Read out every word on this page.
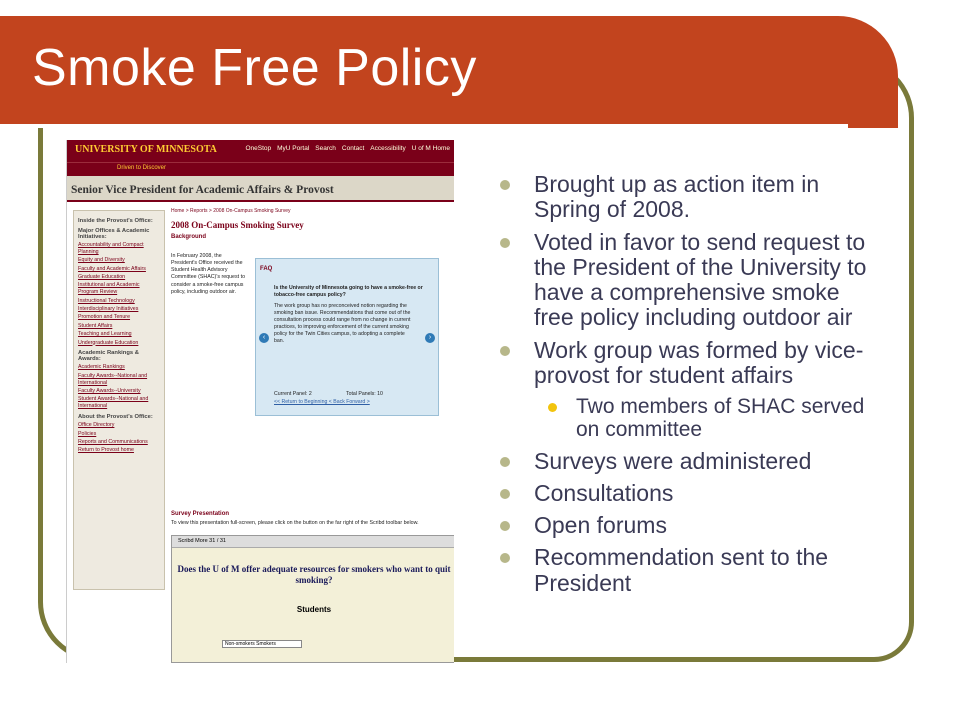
Smoke Free Policy
UNIVERSITY OF MINNESOTA	OneStop MyU Portal Search Contact Accessibility U of M Home
Driven to Discover
Senior Vice President for Academic Affairs & Provost
Inside the Provost's Office:
Major Offices & Academic Initiatives:
Accountability and Compact Planning
Equity and Diversity
Faculty and Academic Affairs
Graduate Education
Institutional and Academic Program Review
Instructional Technology
Interdisciplinary Initiatives
Promotion and Tenure
Student Affairs
Teaching and Learning
Undergraduate Education
Academic Rankings & Awards:
Academic Rankings
Faculty Awards--National and International
Faculty Awards--University
Student Awards--National and International
About the Provost's Office:
Office Directory
Policies
Reports and Communications
Return to Provost home
Home > Reports > 2008 On-Campus Smoking Survey
2008 On-Campus Smoking Survey
Background
In February 2008, the President's Office received the Student Health Advisory Committee (SHAC)'s request to consider a smoke-free campus policy, including outdoor air.
FAQ
‹	›
Is the University of Minnesota going to have a smoke-free or tobacco-free campus policy?
The work group has no preconceived notion regarding the smoking ban issue. Recommendations that come out of the consultation process could range from no change in current practices, to improving enforcement of the current smoking policy for the Twin Cities campus, to adopting a complete ban.
Current Panel: 2	Total Panels: 10
<< Return to Beginning < Back Forward >
Survey Presentation
To view this presentation full-screen, please click on the button on the far right of the Scribd toolbar below.
Scribd More 31 / 31
Does the U of M offer adequate resources for smokers who want to quit smoking?
Students
Non-smokers Smokers
Brought up as action item in Spring of 2008.
Voted in favor to send request to the President of the University to have a comprehensive smoke free policy including outdoor air
Work group was formed by vice-provost for student affairs
Two members of SHAC served on committee
Surveys were administered
Consultations
Open forums
Recommendation sent to the President
